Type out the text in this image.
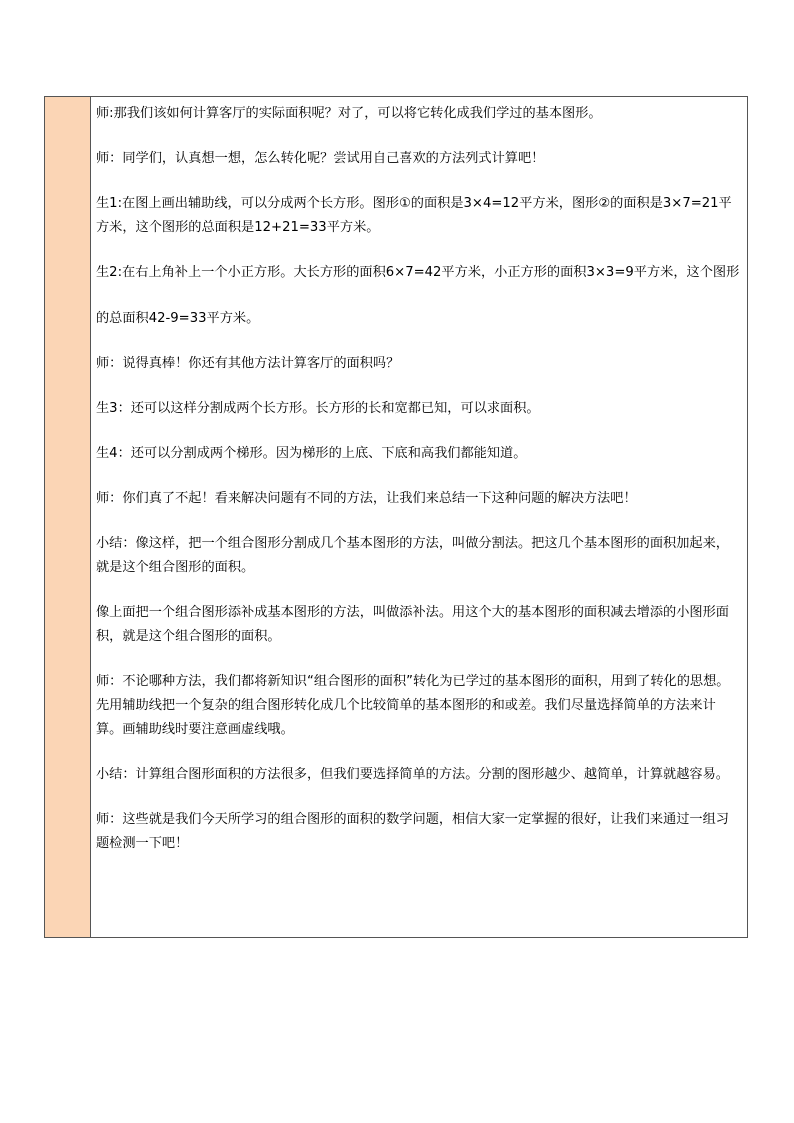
师:那我们该如何计算客厅的实际面积呢？对了，可以将它转化成我们学过的基本图形。

师：同学们，认真想一想，怎么转化呢？尝试用自己喜欢的方法列式计算吧！

生1:在图上画出辅助线，可以分成两个长方形。图形①的面积是3×4=12平方米，图形②的面积是3×7=21平方米，这个图形的总面积是12+21=33平方米。

生2:在右上角补上一个小正方形。大长方形的面积6×7=42平方米，小正方形的面积3×3=9平方米，这个图形的总面积42-9=33平方米。

师：说得真棒！你还有其他方法计算客厅的面积吗？

生3：还可以这样分割成两个长方形。长方形的长和宽都已知，可以求面积。

生4：还可以分割成两个梯形。因为梯形的上底、下底和高我们都能知道。

师：你们真了不起！看来解决问题有不同的方法，让我们来总结一下这种问题的解决方法吧！

小结：像这样，把一个组合图形分割成几个基本图形的方法，叫做分割法。把这几个基本图形的面积加起来，就是这个组合图形的面积。

像上面把一个组合图形添补成基本图形的方法，叫做添补法。用这个大的基本图形的面积减去增添的小图形面积，就是这个组合图形的面积。

师：不论哪种方法，我们都将新知识“组合图形的面积”转化为已学过的基本图形的面积，用到了转化的思想。先用辅助线把一个复杂的组合图形转化成几个比较简单的基本图形的和或差。我们尽量选择简单的方法来计算。画辅助线时要注意画虚线哦。

小结：计算组合图形面积的方法很多，但我们要选择简单的方法。分割的图形越少、越简单，计算就越容易。

师：这些就是我们今天所学习的组合图形的面积的数学问题，相信大家一定掌握的很好，让我们来通过一组习题检测一下吧！
